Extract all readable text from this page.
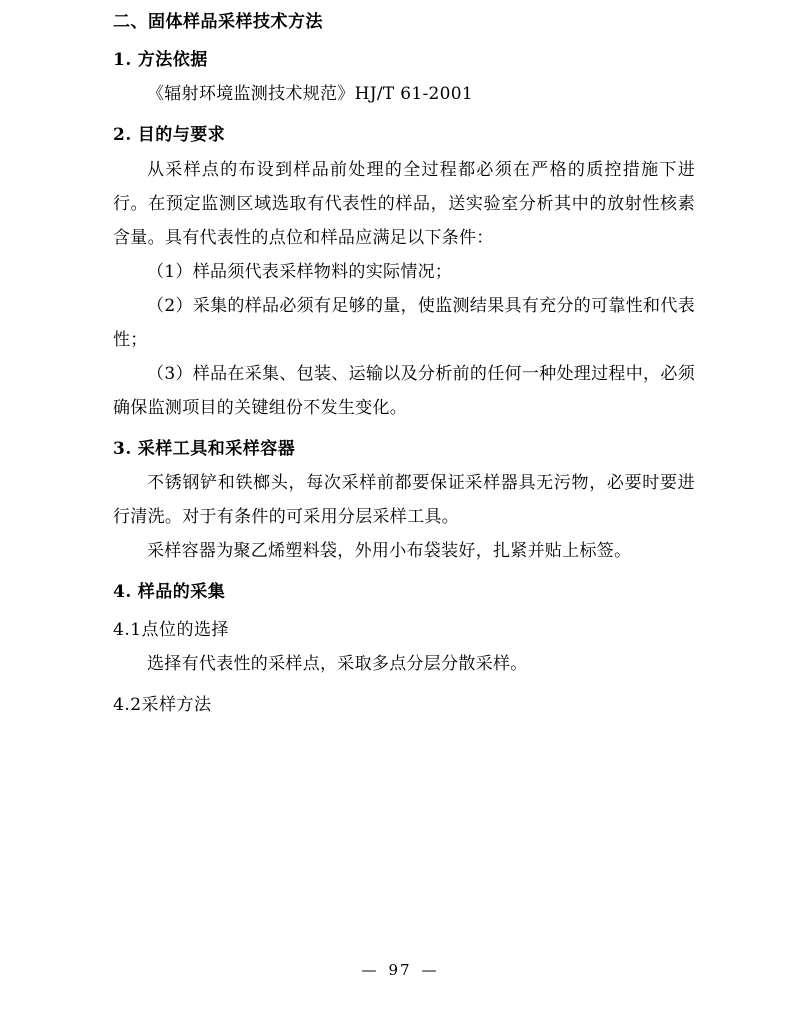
二、固体样品采样技术方法
1. 方法依据

《辐射环境监测技术规范》HJ/T 61-2001

2. 目的与要求

从采样点的布设到样品前处理的全过程都必须在严格的质控措施下进行。在预定监测区域选取有代表性的样品，送实验室分析其中的放射性核素含量。具有代表性的点位和样品应满足以下条件：

（1）样品须代表采样物料的实际情况；

（2）采集的样品必须有足够的量，使监测结果具有充分的可靠性和代表性；

（3）样品在采集、包装、运输以及分析前的任何一种处理过程中，必须确保监测项目的关键组份不发生变化。

3. 采样工具和采样容器

不锈钢铲和铁榔头，每次采样前都要保证采样器具无污物，必要时要进行清洗。对于有条件的可采用分层采样工具。

采样容器为聚乙烯塑料袋，外用小布袋装好，扎紧并贴上标签。

4. 样品的采集
4.1点位的选择

选择有代表性的采样点，采取多点分层分散采样。

4.2采样方法
— 97 —
